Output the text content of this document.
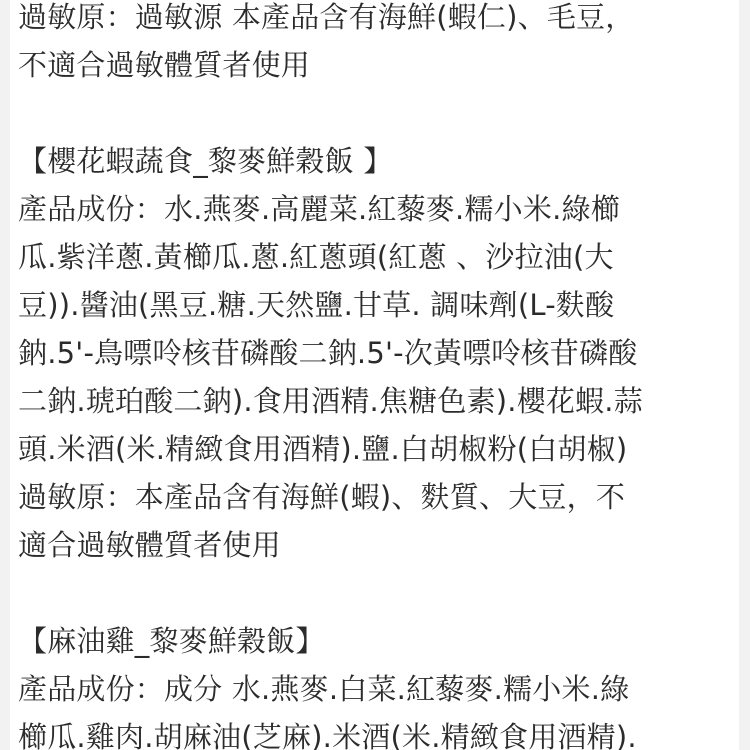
過敏原：過敏源 本產品含有海鮮(蝦仁)、毛豆，
不適合過敏體質者使用
【櫻花蝦蔬食_黎麥鮮穀飯 】
產品成份：水.燕麥.高麗菜.紅藜麥.糯小米.綠櫛
瓜.紫洋蔥.黃櫛瓜.蔥.紅蔥頭(紅蔥 、沙拉油(大
豆)).醬油(黑豆.糖.天然鹽.甘草. 調味劑(L-麩酸
鈉.5'-鳥嘌呤核苷磷酸二鈉.5'-次黃嘌呤核苷磷酸
二鈉.琥珀酸二鈉).食用酒精.焦糖色素).櫻花蝦.蒜
頭.米酒(米.精緻食用酒精).鹽.白胡椒粉(白胡椒)
過敏原：本產品含有海鮮(蝦)、麩質、大豆，不
適合過敏體質者使用
【麻油雞_黎麥鮮穀飯】
產品成份：成分 水.燕麥.白菜.紅藜麥.糯小米.綠
櫛瓜.雞肉.胡麻油(芝麻).米酒(米.精緻食用酒精).
